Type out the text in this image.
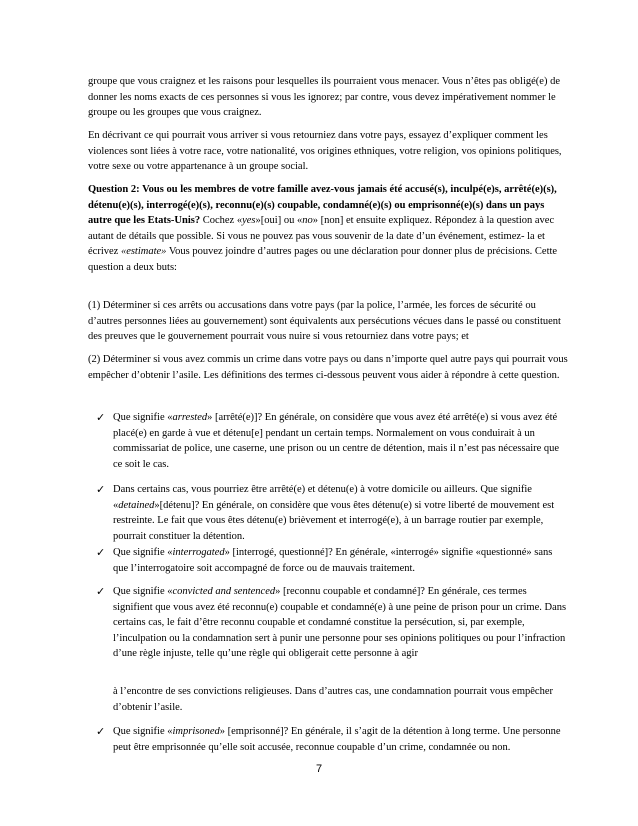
groupe que vous craignez et les raisons pour lesquelles ils pourraient vous menacer. Vous n’êtes pas obligé(e) de donner les noms exacts de ces personnes si vous les ignorez; par contre, vous devez impérativement nommer le groupe ou les groupes que vous craignez.

En décrivant ce qui pourrait vous arriver si vous retourniez dans votre pays, essayez d’expliquer comment les violences sont liées à votre race, votre nationalité, vos origines ethniques, votre religion, vos opinions politiques, votre sexe ou votre appartenance à un groupe social.

Question 2: Vous ou les membres de votre famille avez-vous jamais été accusé(s), inculpé(e)s, arrêté(e)(s), détenu(e)(s), interrogé(e)(s), reconnu(e)(s) coupable, condamné(e)(s) ou emprisonné(e)(s) dans un pays autre que les Etats-Unis? Cochez «yes»[oui] ou «no» [non] et ensuite expliquez. Répondez à la question avec autant de détails que possible. Si vous ne pouvez pas vous souvenir de la date d’un événement, estimez- la et écrivez «estimate» Vous pouvez joindre d’autres pages ou une déclaration pour donner plus de précisions. Cette question a deux buts:

(1) Déterminer si ces arrêts ou accusations dans votre pays (par la police, l’armée, les forces de sécurité ou d’autres personnes liées au gouvernement) sont équivalents aux persécutions vécues dans le passé ou constituent des preuves que le gouvernement pourrait vous nuire si vous retourniez dans votre pays; et

(2) Déterminer si vous avez commis un crime dans votre pays ou dans n’importe quel autre pays qui pourrait vous empêcher d’obtenir l’asile. Les définitions des termes ci-dessous peuvent vous aider à répondre à cette question.

✓ Que signifie «arrested» [arrêté(e)]? En générale, on considère que vous avez été arrêté(e) si vous avez été placé(e) en garde à vue et détenu[e] pendant un certain temps. Normalement on vous conduirait à un commissariat de police, une caserne, une prison ou un centre de détention, mais il n’est pas nécessaire que ce soit le cas.
✓ Dans certains cas, vous pourriez être arrêté(e) et détenu(e) à votre domicile ou ailleurs. Que signifie «detained»[détenu]? En générale, on considère que vous êtes détenu(e) si votre liberté de mouvement est restreinte. Le fait que vous êtes détenu(e) brièvement et interrogé(e), à un barrage routier par exemple, pourrait constituer la détention.
✓ Que signifie «interrogated» [interrogé, questionné]? En générale, «interrogé» signifie «questionné» sans que l’interrogatoire soit accompagné de force ou de mauvais traitement.
✓ Que signifie «convicted and sentenced» [reconnu coupable et condamné]? En générale, ces termes signifient que vous avez été reconnu(e) coupable et condamné(e) à une peine de prison pour un crime. Dans certains cas, le fait d’être reconnu coupable et condamné constitue la persécution, si, par exemple, l’inculpation ou la condamnation sert à punir une personne pour ses opinions politiques ou pour l’infraction d’une règle injuste, telle qu’une règle qui obligerait cette personne à agir
à l’encontre de ses convictions religieuses. Dans d’autres cas, une condamnation pourrait vous empêcher d’obtenir l’asile.
✓ Que signifie «imprisoned» [emprisonné]? En générale, il s’agit de la détention à long terme. Une personne peut être emprisonnée qu’elle soit accusée, reconnue coupable d’un crime, condamnée ou non.
7
